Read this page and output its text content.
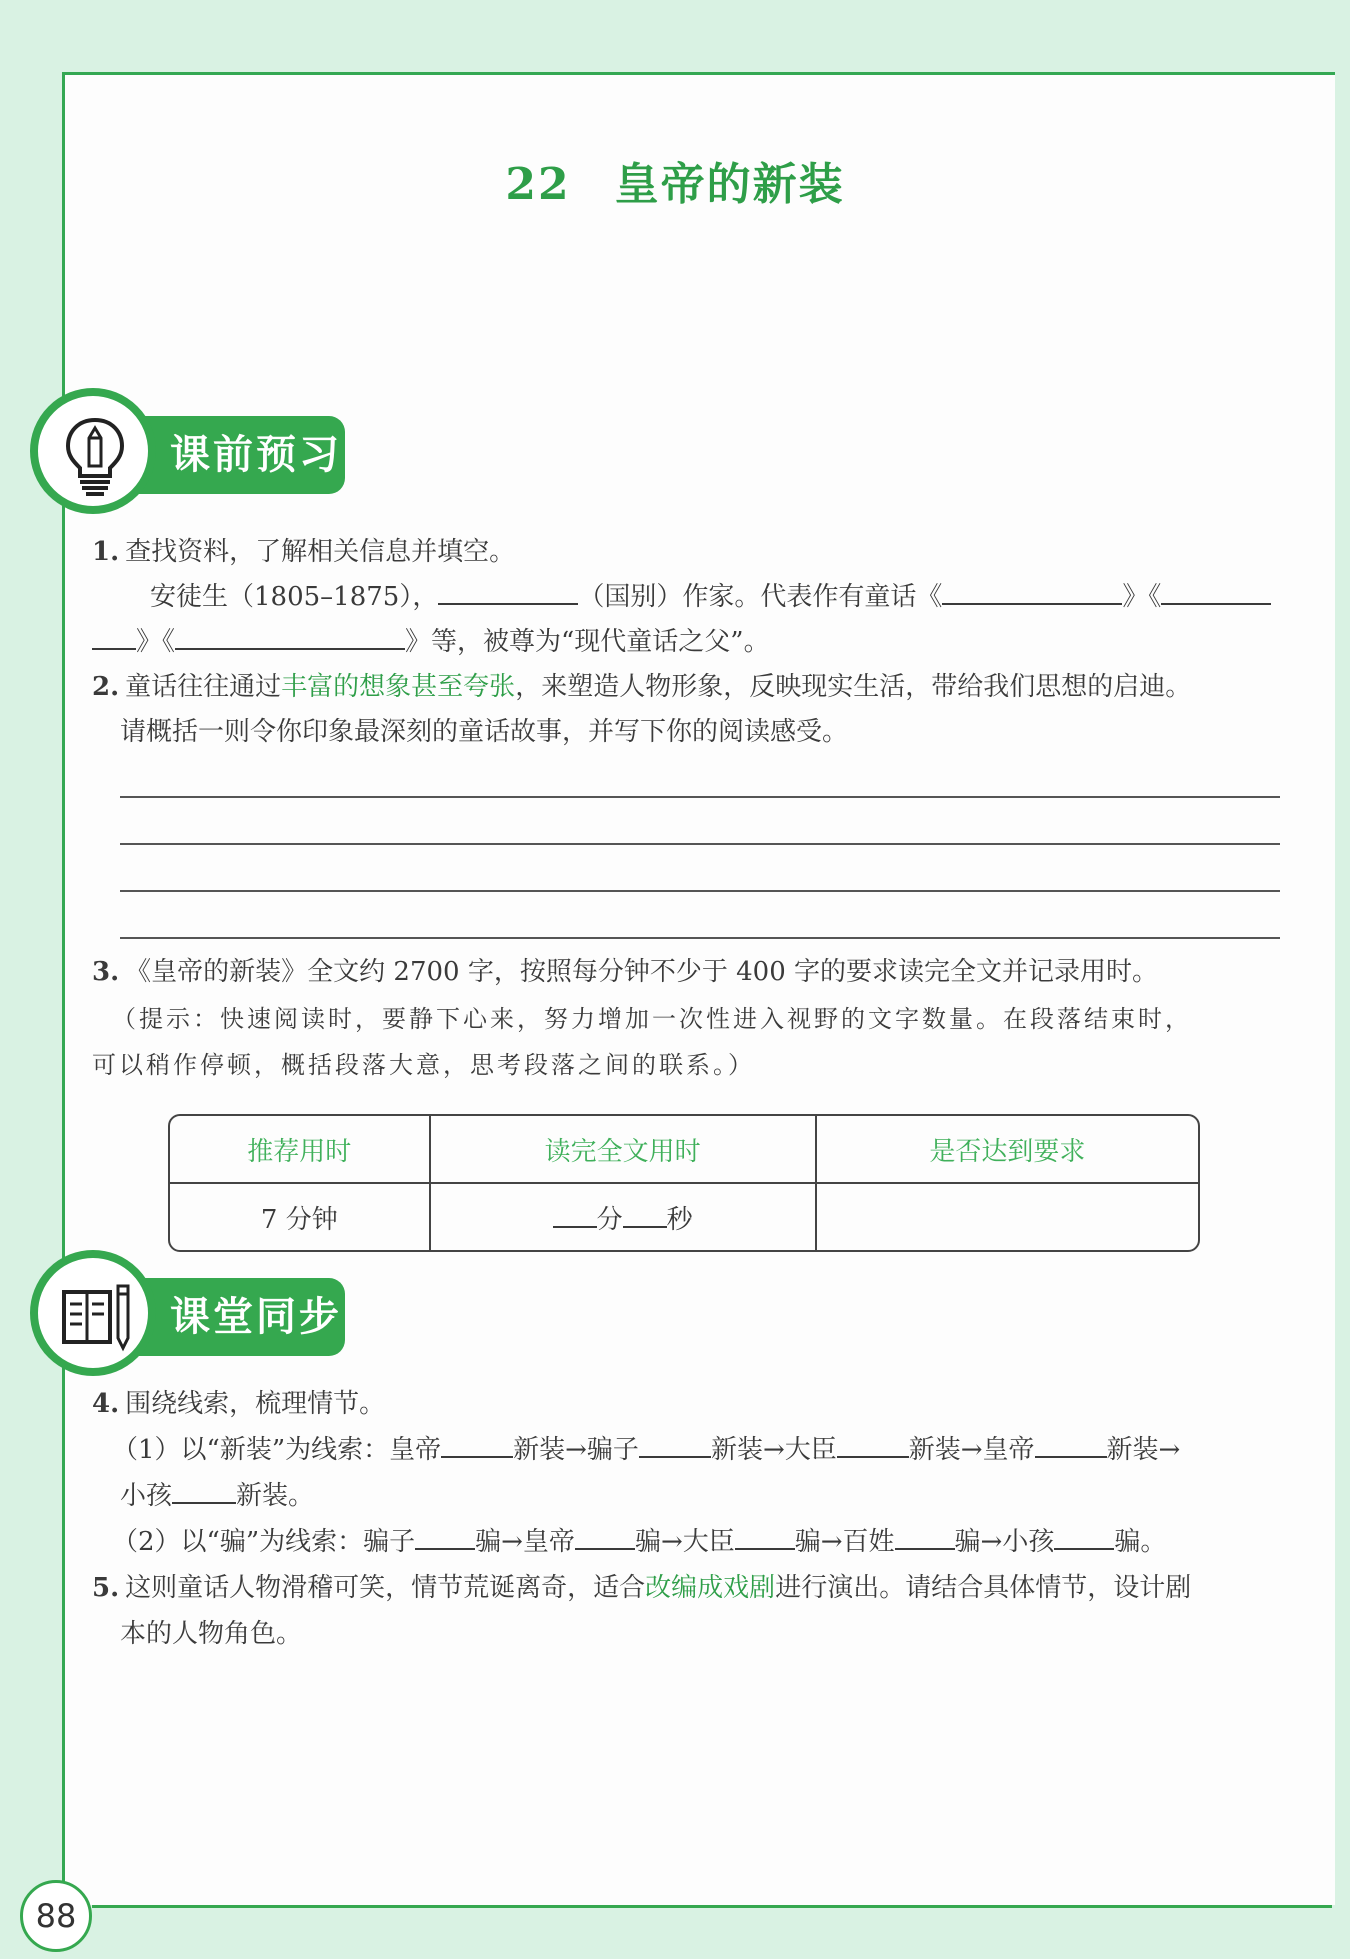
22 皇帝的新装
课前预习
1. 查找资料，了解相关信息并填空。
安徒生（1805–1875），	（国别）作家。代表作有童话《	》《
》《	》等，被尊为“现代童话之父”。
2. 童话往往通过丰富的想象甚至夸张，来塑造人物形象，反映现实生活，带给我们思想的启迪。
请概括一则令你印象最深刻的童话故事，并写下你的阅读感受。
3. 《皇帝的新装》全文约 2700 字，按照每分钟不少于 400 字的要求读完全文并记录用时。
（提示：快速阅读时，要静下心来，努力增加一次性进入视野的文字数量。在段落结束时，
可以稍作停顿，概括段落大意，思考段落之间的联系。）
推荐用时	读完全文用时	是否达到要求
7 分钟	分 秒	
课堂同步
4. 围绕线索，梳理情节。
（1）以“新装”为线索：皇帝	新装→骗子	新装→大臣	新装→皇帝	新装→
小孩 新装。
（2）以“骗”为线索：骗子 骗→皇帝 骗→大臣 骗→百姓 骗→小孩 骗。
5. 这则童话人物滑稽可笑，情节荒诞离奇，适合改编成戏剧进行演出。请结合具体情节，设计剧
本的人物角色。
88
